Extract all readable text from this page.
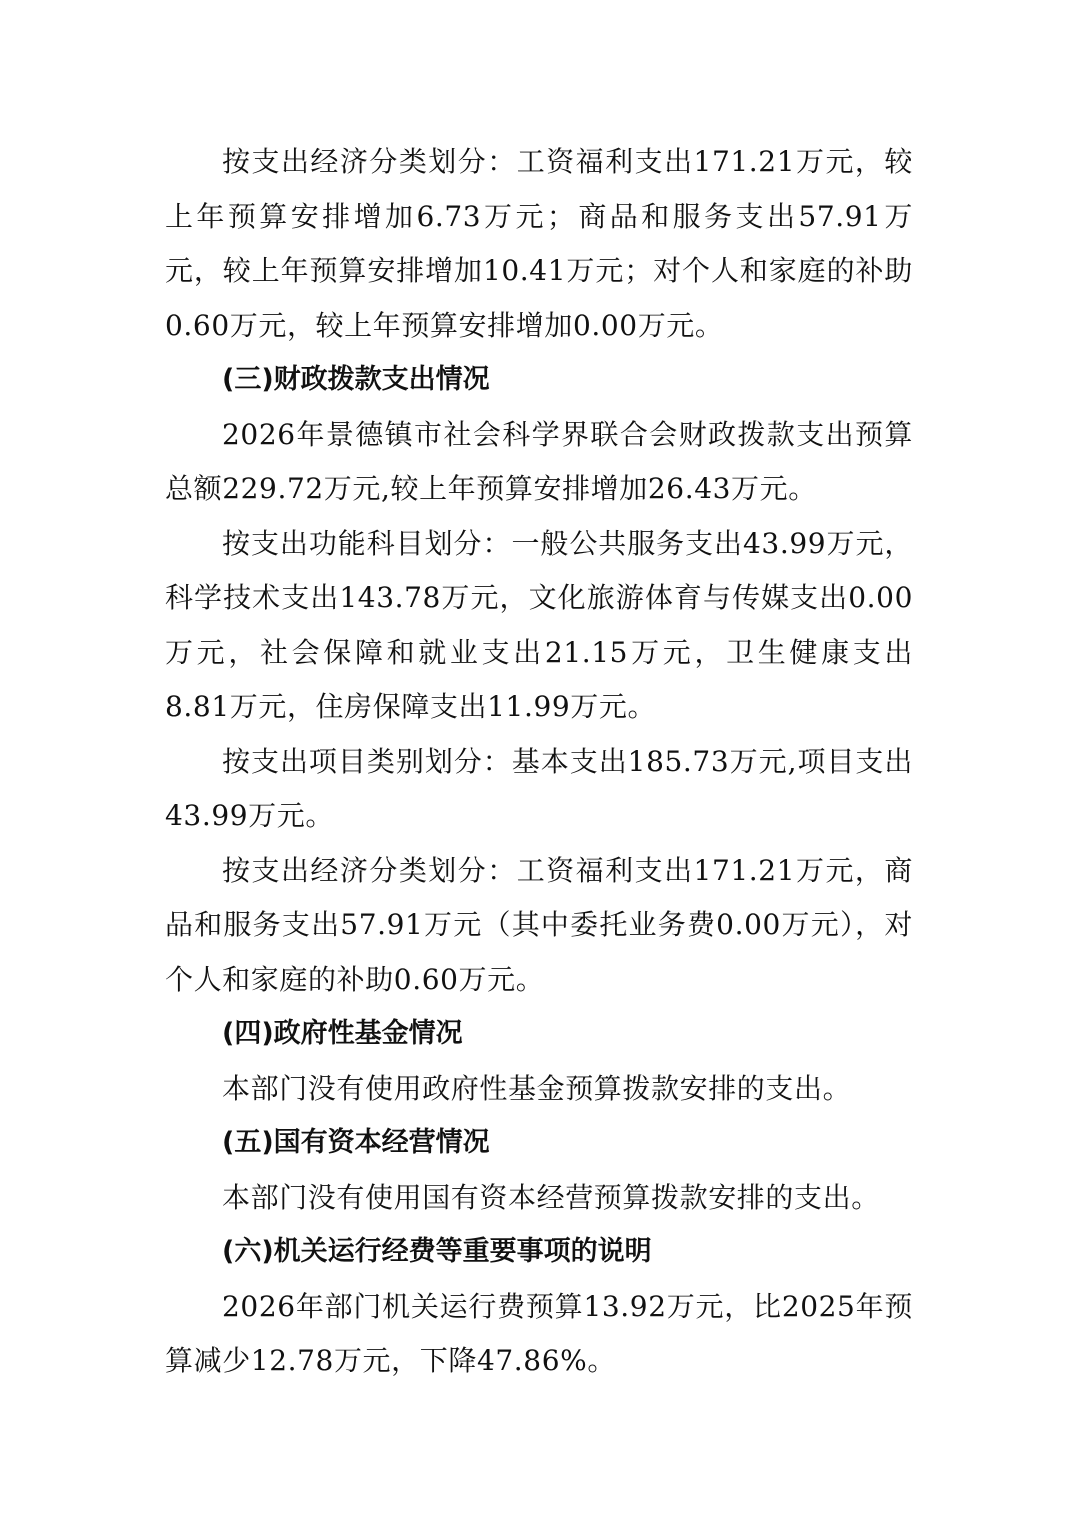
按支出经济分类划分：工资福利支出171.21万元，较上年预算安排增加6.73万元；商品和服务支出57.91万元，较上年预算安排增加10.41万元；对个人和家庭的补助0.60万元，较上年预算安排增加0.00万元。

(三)财政拨款支出情况

2026年景德镇市社会科学界联合会财政拨款支出预算总额229.72万元,较上年预算安排增加26.43万元。

按支出功能科目划分：一般公共服务支出43.99万元，科学技术支出143.78万元，文化旅游体育与传媒支出0.00万元，社会保障和就业支出21.15万元，卫生健康支出8.81万元，住房保障支出11.99万元。

按支出项目类别划分：基本支出185.73万元,项目支出43.99万元。

按支出经济分类划分：工资福利支出171.21万元，商品和服务支出57.91万元（其中委托业务费0.00万元），对个人和家庭的补助0.60万元。

(四)政府性基金情况

本部门没有使用政府性基金预算拨款安排的支出。

(五)国有资本经营情况

本部门没有使用国有资本经营预算拨款安排的支出。

(六)机关运行经费等重要事项的说明

2026年部门机关运行费预算13.92万元，比2025年预算减少12.78万元，下降47.86%。
